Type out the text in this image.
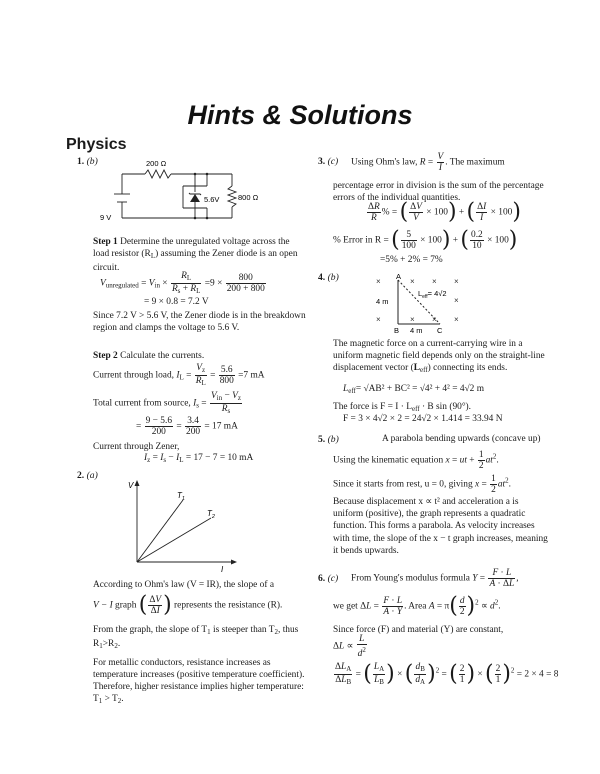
Hints & Solutions
Physics
1. (b)	200 Ω
5.6V 800 Ω
9 V

Step 1 Determine the unregulated voltage across the load resistor $(R_L)$ assuming the Zener diode is an open circuit.

$V_{unregulated} = V_{in} \times \frac{R_L}{R_s + R_L} =9 \times \frac{800}{200 + 800}$
= 9 × 0.8 = 7.2 V

Since 7.2 V > 5.6 V, the Zener diode is in the breakdown region and clamps the voltage to 5.6 V.

Step 2 Calculate the currents.

Current through load, $I_L = \frac{V_z}{R_L} = \frac{5.6}{800} =7$ mA
Total current from source, $I_s = \frac{V_{in} - V_z}{R_s}$
= $\frac{9 - 5.6}{200} = \frac{3.4}{200} = 17$ mA
Current through Zener,
$I_z = I_s - I_L = 17 - 7 = 10$ mA
2. (a)
V
I
$T_1$
$T_2$

According to Ohm's law (V = IR), the slope of a

V − I graph ( $\frac{\Delta V}{\Delta I}$ ) represents the resistance (R).

From the graph, the slope of $T_1$ is steeper than $T_2$, thus $R_1>R_2$.

For metallic conductors, resistance increases as temperature increases (positive temperature coefficient). Therefore, higher resistance implies higher temperature: $T_1 > T_2$.

3. (c) Using Ohm's law, $R = \frac{V}{I}$ . The maximum

percentage error in division is the sum of the percentage errors of the individual quantities.

$\frac{\Delta R}{R}$ % = ( $\frac{\Delta V}{V} \times 100$) + ( $\frac{\Delta I}{I} \times 100$)
% Error in R = ( $\frac{5}{100} \times 100$) + ( $\frac{0.2}{10} \times 100$)
=5% + 2% = 7%
4. (b)	×	× × ×
×	× × ×
×
A
B	C
4 m
4 m
$L_{eff}= 4√2$

The magnetic force on a current-carrying wire in a uniform magnetic field depends only on the straight-line displacement vector $(L_{eff})$ connecting its ends.

$L_{eff}= √AB^2 + BC^2 = √4^2 + 4^2 = 4√2$ m
The force is $F = I \cdot L_{eff} \cdot B$ sin (90°).
F = 3 × 4√2 × 2 = 24√2 × 1.414 = 33.94 N
5. (b)	A parabola bending upwards (concave up)
Using the kinematic equation x = ut + $\frac{1}{2} at^2$.
Since it starts from rest, u = 0, giving $x = \frac{1}{2} at^2$.

Because displacement x ∝ t² and acceleration a is uniform (positive), the graph represents a quadratic function. This forms a parabola. As velocity increases with time, the slope of the x − t graph increases, meaning it bends upwards.

6. (c) From Young's modulus formula $Y = \frac{F \cdot L}{A \cdot \Delta L}$ ,
we get $\Delta L = \frac{F \cdot L}{A \cdot Y}$ . Area $A = \pi( \frac{d}{2} )^2 \propto d^2$.

Since force (F) and material (Y) are constant,

$\Delta L \propto \frac{L}{d^2}$
$\frac{\Delta L_A}{\Delta L_B}$ = ( $\frac{L_A}{L_B}$ ) × ( $\frac{d_B}{d_A} )^2$ = ( $\frac{2}{1}$ ) × ( $\frac{2}{1} )^2 = 2 \times 4 = 8$
